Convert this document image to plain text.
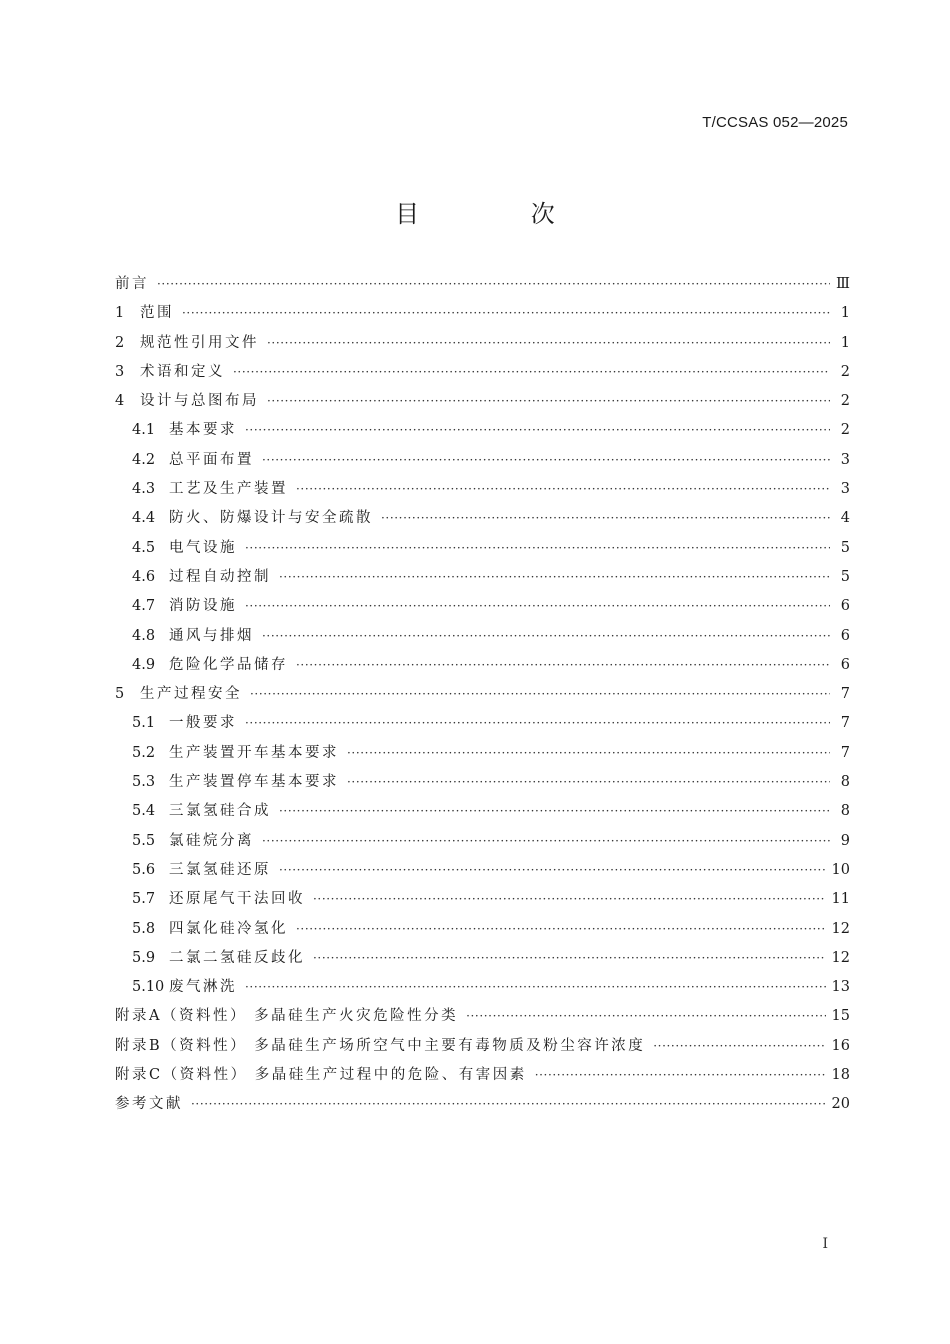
T/CCSAS 052—2025
目 次
前言 ·····	Ⅲ
1	范围 ·····	1
2	规范性引用文件 ·····	1
3	术语和定义 ·····	2
4	设计与总图布局 ·····	2
4.1 基本要求 ·····	2
4.2 总平面布置 ·····	3
4.3 工艺及生产装置 ·····	3
4.4 防火、防爆设计与安全疏散 ·····	4
4.5 电气设施 ·····	5
4.6 过程自动控制 ·····	5
4.7 消防设施 ·····	6
4.8 通风与排烟 ·····	6
4.9 危险化学品储存 ·····	6
5	生产过程安全 ·····	7
5.1 一般要求 ·····	7
5.2 生产装置开车基本要求 ·····	7
5.3 生产装置停车基本要求 ·····	8
5.4 三氯氢硅合成 ·····	8
5.5 氯硅烷分离 ·····	9
5.6 三氯氢硅还原 ·····	10
5.7 还原尾气干法回收 ·····	11
5.8 四氯化硅冷氢化 ·····	12
5.9 二氯二氢硅反歧化 ·····	12
5.10 废气淋洗 ·····	13
附录A（资料性） 多晶硅生产火灾危险性分类 ·····	15
附录B（资料性） 多晶硅生产场所空气中主要有毒物质及粉尘容许浓度 ·····	16
附录C（资料性） 多晶硅生产过程中的危险、有害因素 ·····	18
参考文献 ·····	20
Ⅰ
